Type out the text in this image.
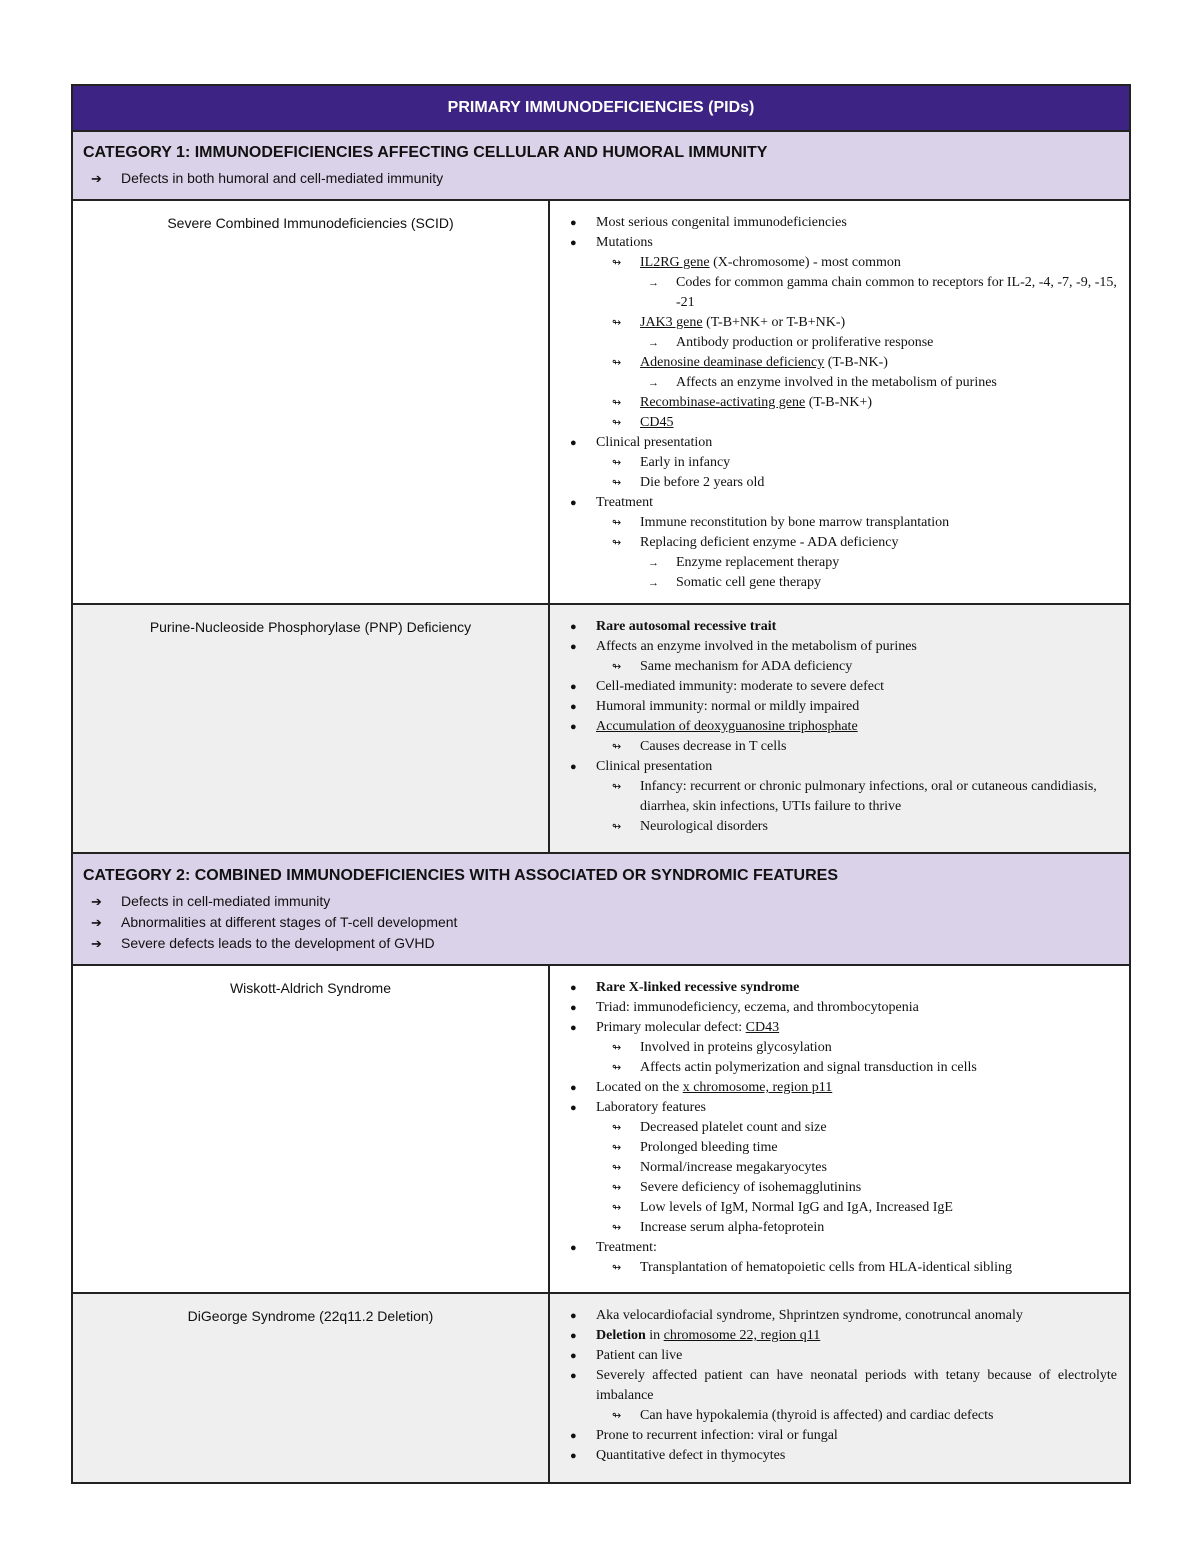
PRIMARY IMMUNODEFICIENCIES (PIDs)
CATEGORY 1: IMMUNODEFICIENCIES AFFECTING CELLULAR AND HUMORAL IMMUNITY
➔ Defects in both humoral and cell-mediated immunity
Severe Combined Immunodeficiencies (SCID)	● Most serious congenital immunodeficiencies
● Mutations
↬ IL2RG gene (X-chromosome) - most common
→ Codes for common gamma chain common to receptors for IL-2, -4, -7, -9, -15, -21
↬ JAK3 gene (T-B+NK+ or T-B+NK-)
→ Antibody production or proliferative response
↬ Adenosine deaminase deficiency (T-B-NK-)
→ Affects an enzyme involved in the metabolism of purines
↬ Recombinase-activating gene (T-B-NK+)
↬ CD45
● Clinical presentation
↬ Early in infancy
↬ Die before 2 years old
● Treatment
↬ Immune reconstitution by bone marrow transplantation
↬ Replacing deficient enzyme - ADA deficiency
→ Enzyme replacement therapy
→ Somatic cell gene therapy
Purine-Nucleoside Phosphorylase (PNP) Deficiency	● Rare autosomal recessive trait
● Affects an enzyme involved in the metabolism of purines
↬ Same mechanism for ADA deficiency
● Cell-mediated immunity: moderate to severe defect
● Humoral immunity: normal or mildly impaired
● Accumulation of deoxyguanosine triphosphate
↬ Causes decrease in T cells
● Clinical presentation
↬ Infancy: recurrent or chronic pulmonary infections, oral or cutaneous candidiasis, diarrhea, skin infections, UTIs failure to thrive
↬ Neurological disorders
CATEGORY 2: COMBINED IMMUNODEFICIENCIES WITH ASSOCIATED OR SYNDROMIC FEATURES
➔ Defects in cell-mediated immunity
➔ Abnormalities at different stages of T-cell development
➔ Severe defects leads to the development of GVHD
Wiskott-Aldrich Syndrome	● Rare X-linked recessive syndrome
● Triad: immunodeficiency, eczema, and thrombocytopenia
● Primary molecular defect: CD43
↬ Involved in proteins glycosylation
↬ Affects actin polymerization and signal transduction in cells
● Located on the x chromosome, region p11
● Laboratory features
↬ Decreased platelet count and size
↬ Prolonged bleeding time
↬ Normal/increase megakaryocytes
↬ Severe deficiency of isohemagglutinins
↬ Low levels of IgM, Normal IgG and IgA, Increased IgE
↬ Increase serum alpha-fetoprotein
● Treatment:
↬ Transplantation of hematopoietic cells from HLA-identical sibling
DiGeorge Syndrome (22q11.2 Deletion)	● Aka velocardiofacial syndrome, Shprintzen syndrome, conotruncal anomaly
● Deletion in chromosome 22, region q11
● Patient can live
● Severely affected patient can have neonatal periods with tetany because of electrolyte imbalance
↬ Can have hypokalemia (thyroid is affected) and cardiac defects
● Prone to recurrent infection: viral or fungal
● Quantitative defect in thymocytes
